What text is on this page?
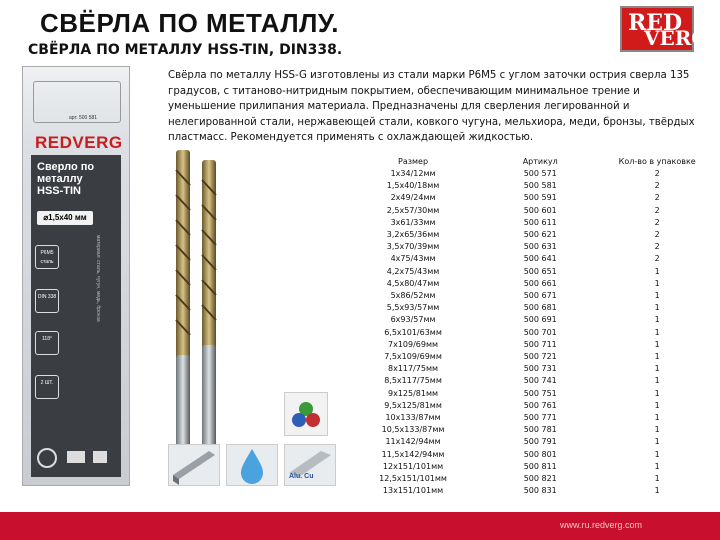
СВЁРЛА ПО МЕТАЛЛУ.
СВЁРЛА ПО МЕТАЛЛУ HSS-TIN, DIN338.
RED
VERG
арт. 500 581
REDVERG
Сверло по металлу HSS-TIN
⌀1,5x40 мм
Р6М5 сталь
DIN 338
118°
2 ШТ.
материал: сталь, чугун, медь, бронза
Alu. Cu
Свёрла по металлу HSS-G изготовлены из стали марки Р6М5 с углом заточки острия сверла 135 градусов, с титаново-нитридным покрытием, обеспечивающим минимальное трение и уменьшение прилипания материала. Предназначены для сверления легированной и нелегированной стали, нержавеющей стали, ковкого чугуна, мельхиора, меди, бронзы, твёрдых пластмасс. Рекомендуется применять с охлаждающей жидкостью.
Размер	Артикул	Кол-во в упаковке
1x34/12мм	500 571	2
1,5x40/18мм	500 581	2
2x49/24мм	500 591	2
2,5x57/30мм	500 601	2
3x61/33мм	500 611	2
3,2x65/36мм	500 621	2
3,5x70/39мм	500 631	2
4x75/43мм	500 641	2
4,2x75/43мм	500 651	1
4,5x80/47мм	500 661	1
5x86/52мм	500 671	1
5,5x93/57мм	500 681	1
6x93/57мм	500 691	1
6,5x101/63мм	500 701	1
7x109/69мм	500 711	1
7,5x109/69мм	500 721	1
8x117/75мм	500 731	1
8,5x117/75мм	500 741	1
9x125/81мм	500 751	1
9,5x125/81мм	500 761	1
10x133/87мм	500 771	1
10,5x133/87мм	500 781	1
11x142/94мм	500 791	1
11,5x142/94мм	500 801	1
12x151/101мм	500 811	1
12,5x151/101мм	500 821	1
13x151/101мм	500 831	1
www.ru.redverg.com
